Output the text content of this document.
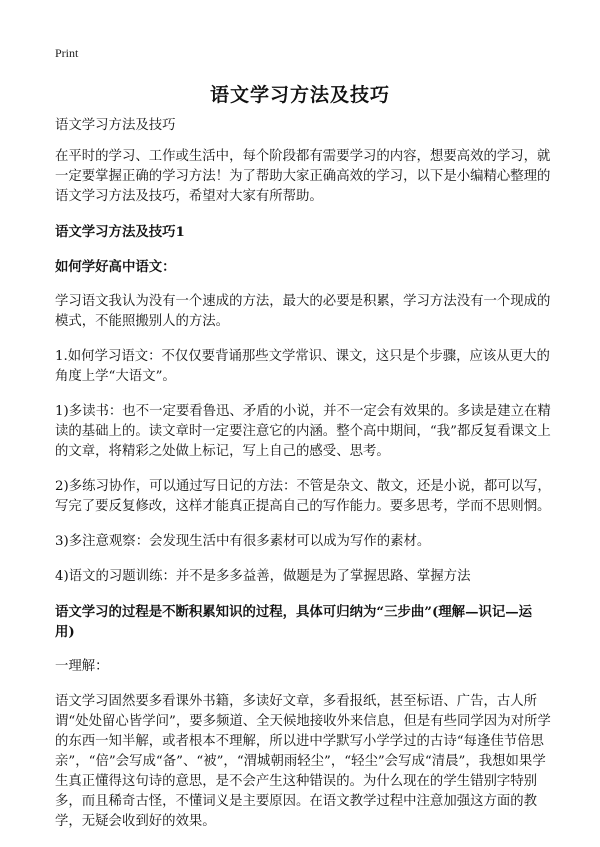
Print
语文学习方法及技巧

语文学习方法及技巧

在平时的学习、工作或生活中，每个阶段都有需要学习的内容，想要高效的学习，就一定要掌握正确的学习方法！为了帮助大家正确高效的学习，以下是小编精心整理的语文学习方法及技巧，希望对大家有所帮助。

语文学习方法及技巧1

如何学好高中语文：

学习语文我认为没有一个速成的方法，最大的必要是积累，学习方法没有一个现成的模式，不能照搬别人的方法。

1.如何学习语文：不仅仅要背诵那些文学常识、课文，这只是个步骤，应该从更大的角度上学“大语文”。

1)多读书：也不一定要看鲁迅、矛盾的小说，并不一定会有效果的。多读是建立在精读的基础上的。读文章时一定要注意它的内涵。整个高中期间，“我”都反复看课文上的文章，将精彩之处做上标记，写上自己的感受、思考。

2)多练习协作，可以通过写日记的方法：不管是杂文、散文，还是小说，都可以写，写完了要反复修改，这样才能真正提高自己的写作能力。要多思考，学而不思则惘。

3)多注意观察：会发现生活中有很多素材可以成为写作的素材。

4)语文的习题训练：并不是多多益善，做题是为了掌握思路、掌握方法

语文学习的过程是不断积累知识的过程，具体可归纳为“三步曲”(理解—识记—运用)

一理解：

语文学习固然要多看课外书籍，多读好文章，多看报纸，甚至标语、广告，古人所谓“处处留心皆学问”，要多频道、全天候地接收外来信息，但是有些同学因为对所学的东西一知半解，或者根本不理解，所以进中学默写小学学过的古诗“每逢佳节倍思亲”，“倍”会写成“备”、“被”，“渭城朝雨轻尘”，“轻尘”会写成“清晨”，我想如果学生真正懂得这句诗的意思，是不会产生这种错误的。为什么现在的学生错别字特别多，而且稀奇古怪，不懂词义是主要原因。在语文教学过程中注意加强这方面的教学，无疑会收到好的效果。
